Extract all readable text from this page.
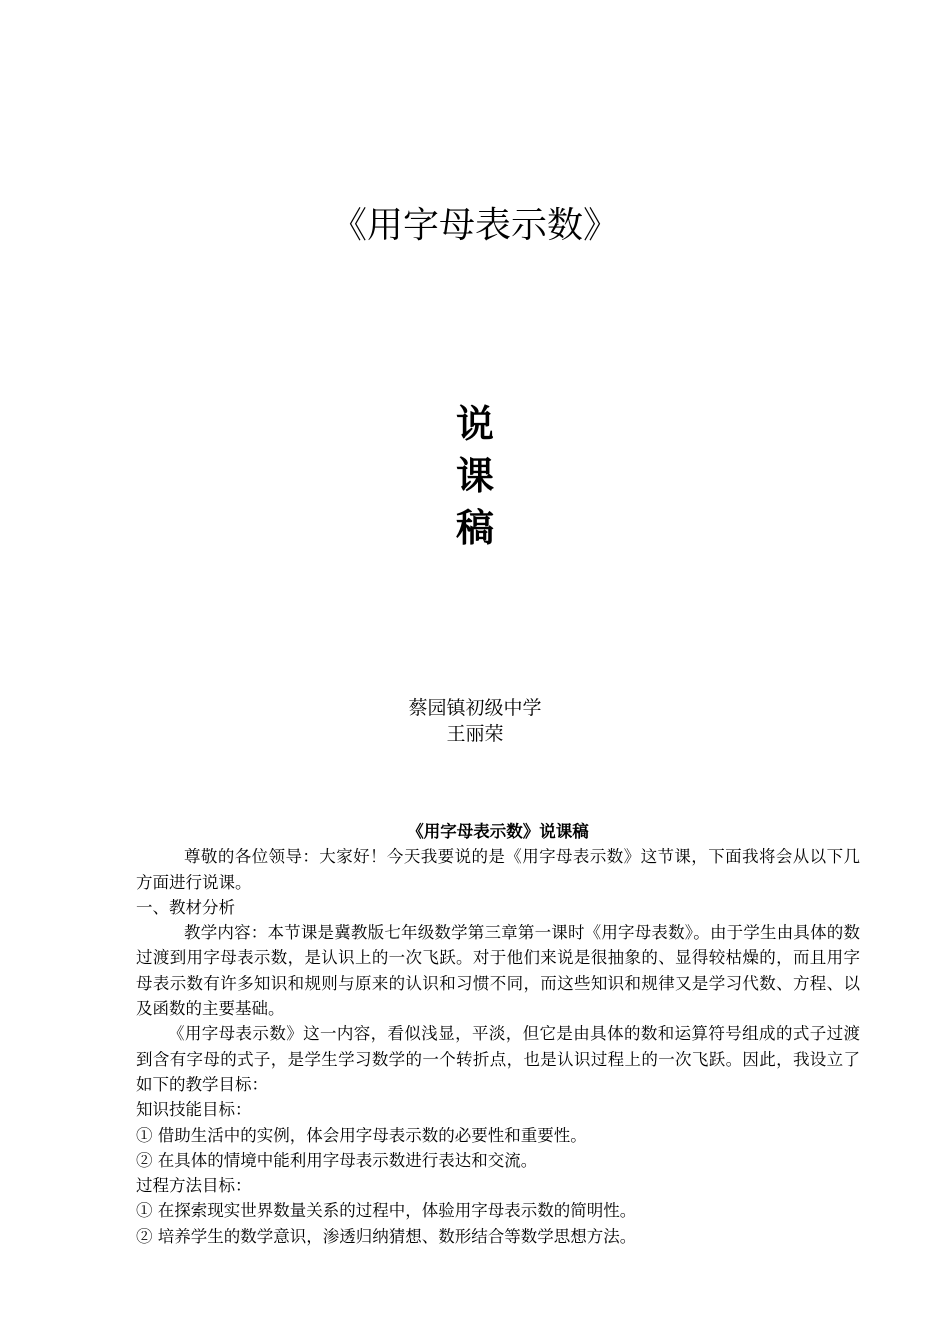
《用字母表示数》
说
课
稿
蔡园镇初级中学
王丽荣
《用字母表示数》说课稿

尊敬的各位领导：大家好！今天我要说的是《用字母表示数》这节课，下面我将会从以下几方面进行说课。

一、教材分析

教学内容：本节课是冀教版七年级数学第三章第一课时《用字母表数》。由于学生由具体的数过渡到用字母表示数，是认识上的一次飞跃。对于他们来说是很抽象的、显得较枯燥的，而且用字母表示数有许多知识和规则与原来的认识和习惯不同，而这些知识和规律又是学习代数、方程、以及函数的主要基础。

《用字母表示数》这一内容，看似浅显，平淡，但它是由具体的数和运算符号组成的式子过渡到含有字母的式子，是学生学习数学的一个转折点，也是认识过程上的一次飞跃。因此，我设立了如下的教学目标：

知识技能目标：

① 借助生活中的实例，体会用字母表示数的必要性和重要性。

② 在具体的情境中能利用字母表示数进行表达和交流。

过程方法目标：

① 在探索现实世界数量关系的过程中，体验用字母表示数的简明性。

② 培养学生的数学意识，渗透归纳猜想、数形结合等数学思想方法。
